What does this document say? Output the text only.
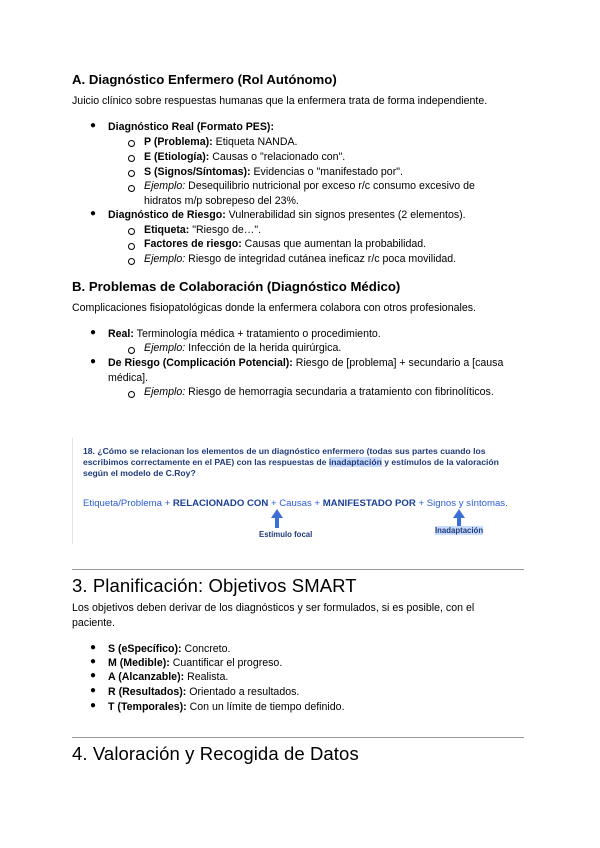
A. Diagnóstico Enfermero (Rol Autónomo)
Juicio clínico sobre respuestas humanas que la enfermera trata de forma independiente.
● Diagnóstico Real (Formato PES):
P (Problema): Etiqueta NANDA.
E (Etiología): Causas o "relacionado con".
S (Signos/Síntomas): Evidencias o "manifestado por".
Ejemplo: Desequilibrio nutricional por exceso r/c consumo excesivo de
hidratos m/p sobrepeso del 23%.
● Diagnóstico de Riesgo: Vulnerabilidad sin signos presentes (2 elementos).
Etiqueta: "Riesgo de…".
Factores de riesgo: Causas que aumentan la probabilidad.
Ejemplo: Riesgo de integridad cutánea ineficaz r/c poca movilidad.
B. Problemas de Colaboración (Diagnóstico Médico)
Complicaciones fisiopatológicas donde la enfermera colabora con otros profesionales.
● Real: Terminología médica + tratamiento o procedimiento.
Ejemplo: Infección de la herida quirúrgica.
● De Riesgo (Complicación Potencial): Riesgo de [problema] + secundario a [causa
médica].
Ejemplo: Riesgo de hemorragia secundaria a tratamiento con fibrinolíticos.
18. ¿Cómo se relacionan los elementos de un diagnóstico enfermero (todas sus partes cuando los
escribimos correctamente en el PAE) con las respuestas de inadaptación y estímulos de la valoración
según el modelo de C.Roy?
Etiqueta/Problema + RELACIONADO CON + Causas + MANIFESTADO POR + Signos y síntomas.
Estímulo focal	Inadaptación
3. Planificación: Objetivos SMART
Los objetivos deben derivar de los diagnósticos y ser formulados, si es posible, con el
paciente.
● S (eSpecífico): Concreto.
● M (Medible): Cuantificar el progreso.
● A (Alcanzable): Realista.
● R (Resultados): Orientado a resultados.
● T (Temporales): Con un límite de tiempo definido.
4. Valoración y Recogida de Datos
